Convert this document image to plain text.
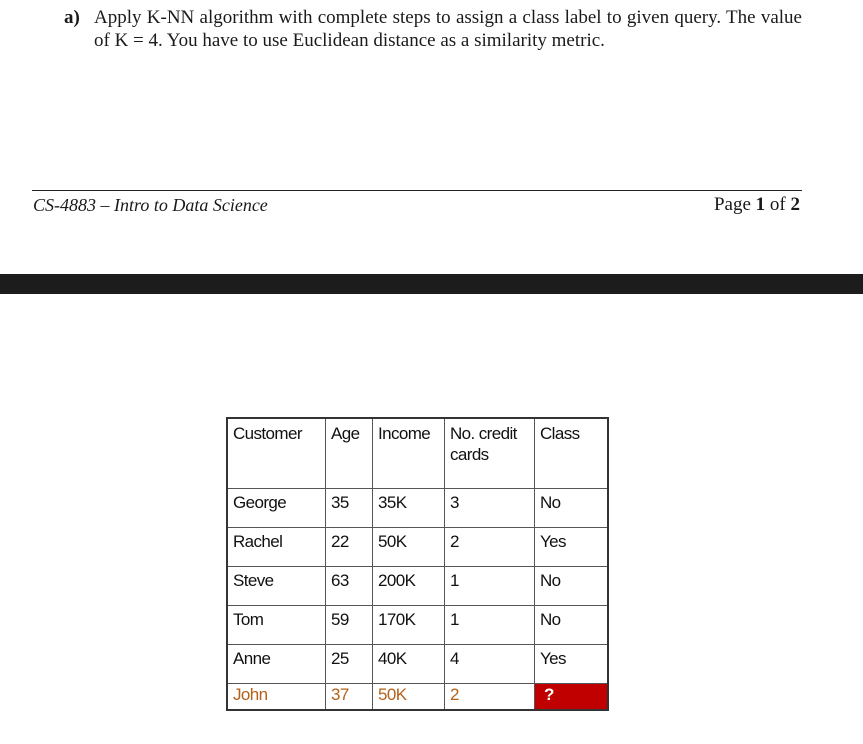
a) Apply K-NN algorithm with complete steps to assign a class label to given query. The value of K = 4. You have to use Euclidean distance as a similarity metric.
CS-4883 – Intro to Data Science	Page 1 of 2
Customer	Age	Income	No. credit cards	Class
George	35	35K	3	No
Rachel	22	50K	2	Yes
Steve	63	200K	1	No
Tom	59	170K	1	No
Anne	25	40K	4	Yes
John	37	50K	2	?
